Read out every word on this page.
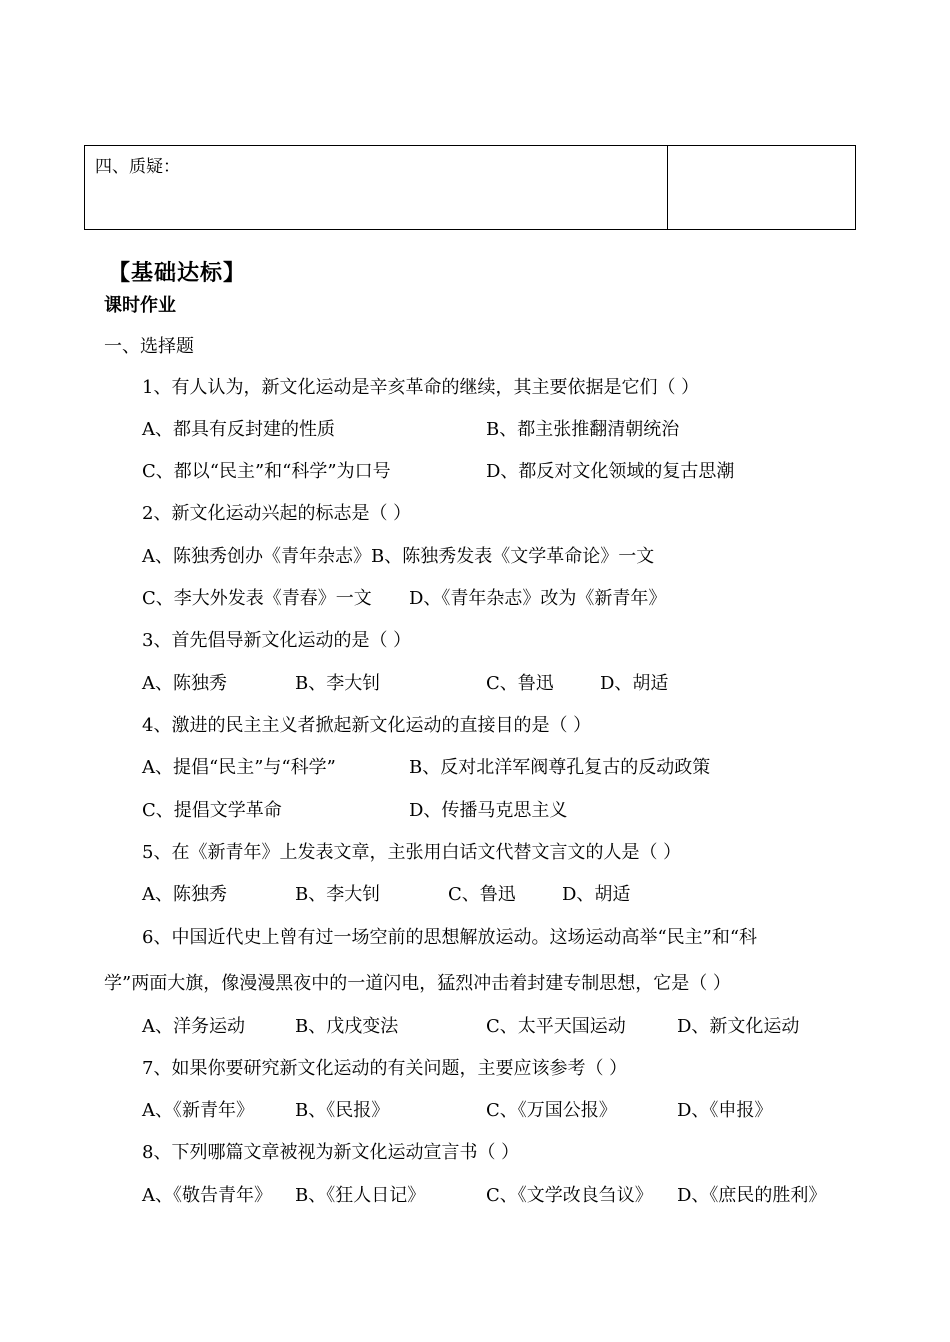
四、质疑：
【基础达标】
课时作业
一、选择题
1、有人认为，新文化运动是辛亥革命的继续，其主要依据是它们（ ）
A、都具有反封建的性质	B、都主张推翻清朝统治
C、都以“民主”和“科学”为口号	D、都反对文化领域的复古思潮
2、新文化运动兴起的标志是（ ）
A、陈独秀创办《青年杂志》B、陈独秀发表《文学革命论》一文
C、李大外发表《青春》一文 D、《青年杂志》改为《新青年》
3、首先倡导新文化运动的是（ ）
A、陈独秀	B、李大钊	C、鲁迅	D、胡适
4、激进的民主主义者掀起新文化运动的直接目的是（ ）
A、提倡“民主”与“科学”	B、反对北洋军阀尊孔复古的反动政策
C、提倡文学革命	D、传播马克思主义
5、在《新青年》上发表文章，主张用白话文代替文言文的人是（ ）
A、陈独秀	B、李大钊	C、鲁迅	D、胡适
6、中国近代史上曾有过一场空前的思想解放运动。这场运动高举“民主”和“科
学”两面大旗，像漫漫黑夜中的一道闪电，猛烈冲击着封建专制思想，它是（ ）
A、洋务运动	B、戊戌变法	C、太平天国运动	D、新文化运动
7、如果你要研究新文化运动的有关问题，主要应该参考（ ）
A、《新青年》 B、《民报》	C、《万国公报》	D、《申报》
8、下列哪篇文章被视为新文化运动宣言书（ ）
A、《敬告青年》 B、《狂人日记》	C、《文学改良刍议》 D、《庶民的胜利》
